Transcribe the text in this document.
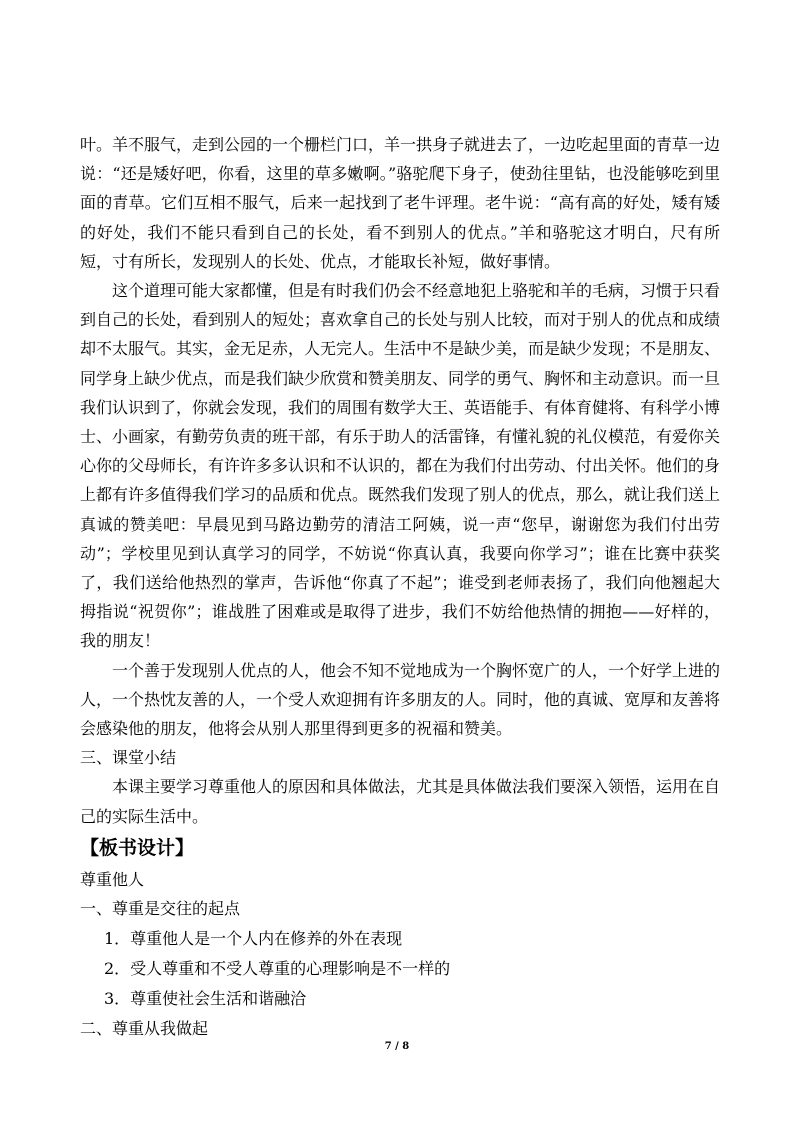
叶。羊不服气，走到公园的一个栅栏门口，羊一拱身子就进去了，一边吃起里面的青草一边说：“还是矮好吧，你看，这里的草多嫩啊。”骆驼爬下身子，使劲往里钻，也没能够吃到里面的青草。它们互相不服气，后来一起找到了老牛评理。老牛说：“高有高的好处，矮有矮的好处，我们不能只看到自己的长处，看不到别人的优点。”羊和骆驼这才明白，尺有所短，寸有所长，发现别人的长处、优点，才能取长补短，做好事情。

这个道理可能大家都懂，但是有时我们仍会不经意地犯上骆驼和羊的毛病，习惯于只看到自己的长处，看到别人的短处；喜欢拿自己的长处与别人比较，而对于别人的优点和成绩却不太服气。其实，金无足赤，人无完人。生活中不是缺少美，而是缺少发现；不是朋友、同学身上缺少优点，而是我们缺少欣赏和赞美朋友、同学的勇气、胸怀和主动意识。而一旦我们认识到了，你就会发现，我们的周围有数学大王、英语能手、有体育健将、有科学小博士、小画家，有勤劳负责的班干部，有乐于助人的活雷锋，有懂礼貌的礼仪模范，有爱你关心你的父母师长，有许许多多认识和不认识的，都在为我们付出劳动、付出关怀。他们的身上都有许多值得我们学习的品质和优点。既然我们发现了别人的优点，那么，就让我们送上真诚的赞美吧：早晨见到马路边勤劳的清洁工阿姨，说一声“您早，谢谢您为我们付出劳动”；学校里见到认真学习的同学，不妨说“你真认真，我要向你学习”；谁在比赛中获奖了，我们送给他热烈的掌声，告诉他“你真了不起”；谁受到老师表扬了，我们向他翘起大拇指说“祝贺你”；谁战胜了困难或是取得了进步，我们不妨给他热情的拥抱——好样的，我的朋友！

一个善于发现别人优点的人，他会不知不觉地成为一个胸怀宽广的人，一个好学上进的人，一个热忱友善的人，一个受人欢迎拥有许多朋友的人。同时，他的真诚、宽厚和友善将会感染他的朋友，他将会从别人那里得到更多的祝福和赞美。

三、课堂小结

本课主要学习尊重他人的原因和具体做法，尤其是具体做法我们要深入领悟，运用在自己的实际生活中。

【板书设计】

尊重他人

一、尊重是交往的起点

1．尊重他人是一个人内在修养的外在表现

2．受人尊重和不受人尊重的心理影响是不一样的

3．尊重使社会生活和谐融洽

二、尊重从我做起

7 / 8
